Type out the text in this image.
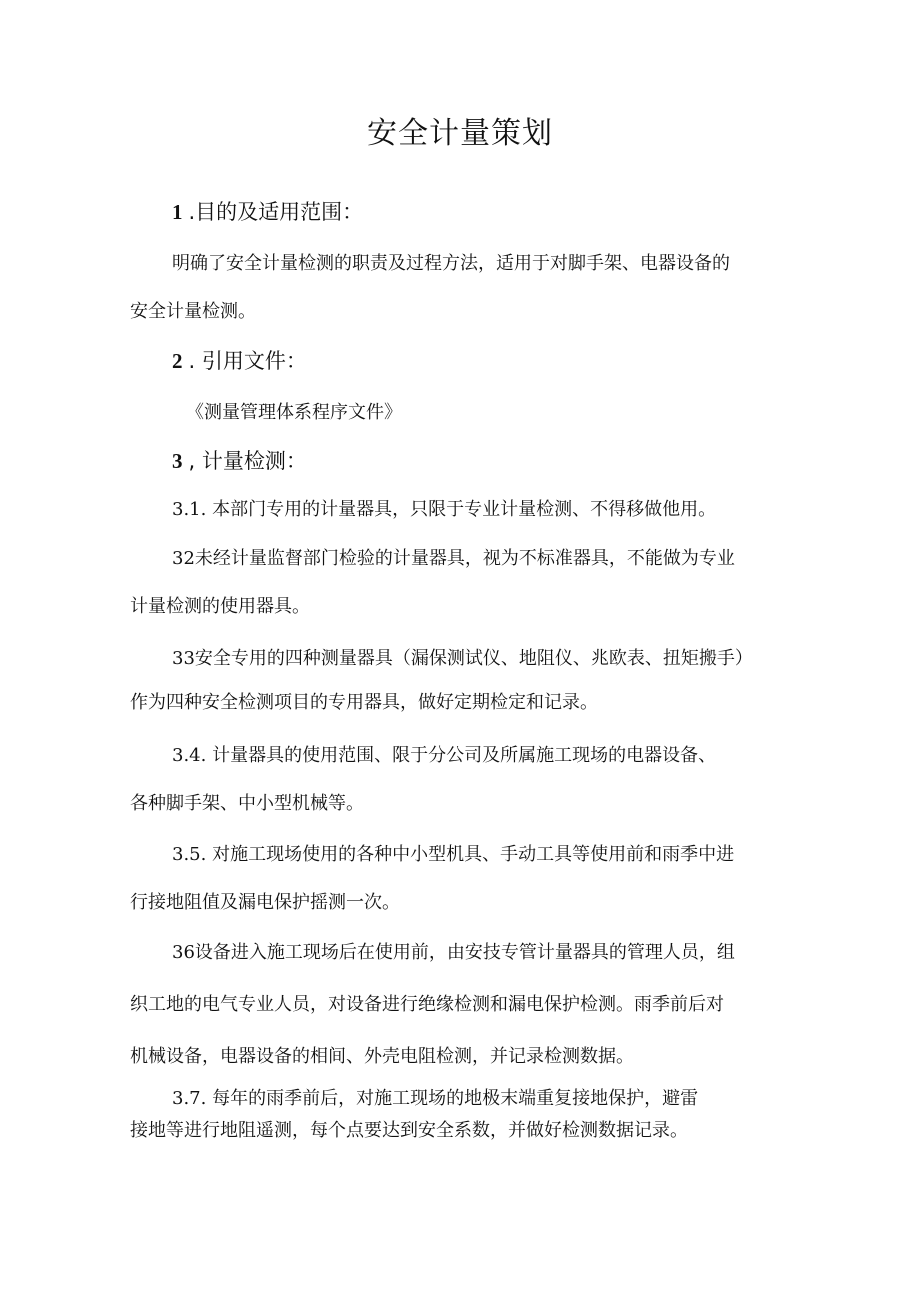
安全计量策划
1 .目的及适用范围：
明确了安全计量检测的职责及过程方法，适用于对脚手架、电器设备的
安全计量检测。
2 . 引用文件：
《测量管理体系程序文件》
3 , 计量检测：
3.1. 本部门专用的计量器具，只限于专业计量检测、不得移做他用。
32未经计量监督部门检验的计量器具，视为不标准器具，不能做为专业
计量检测的使用器具。
33安全专用的四种测量器具（漏保测试仪、地阻仪、兆欧表、扭矩搬手）
作为四种安全检测项目的专用器具，做好定期检定和记录。
3.4. 计量器具的使用范围、限于分公司及所属施工现场的电器设备、
各种脚手架、中小型机械等。
3.5. 对施工现场使用的各种中小型机具、手动工具等使用前和雨季中进
行接地阻值及漏电保护摇测一次。
36设备进入施工现场后在使用前，由安技专管计量器具的管理人员，组
织工地的电气专业人员，对设备进行绝缘检测和漏电保护检测。雨季前后对
机械设备，电器设备的相间、外壳电阻检测，并记录检测数据。
3.7. 每年的雨季前后，对施工现场的地极末端重复接地保护，避雷
接地等进行地阻遥测，每个点要达到安全系数，并做好检测数据记录。
